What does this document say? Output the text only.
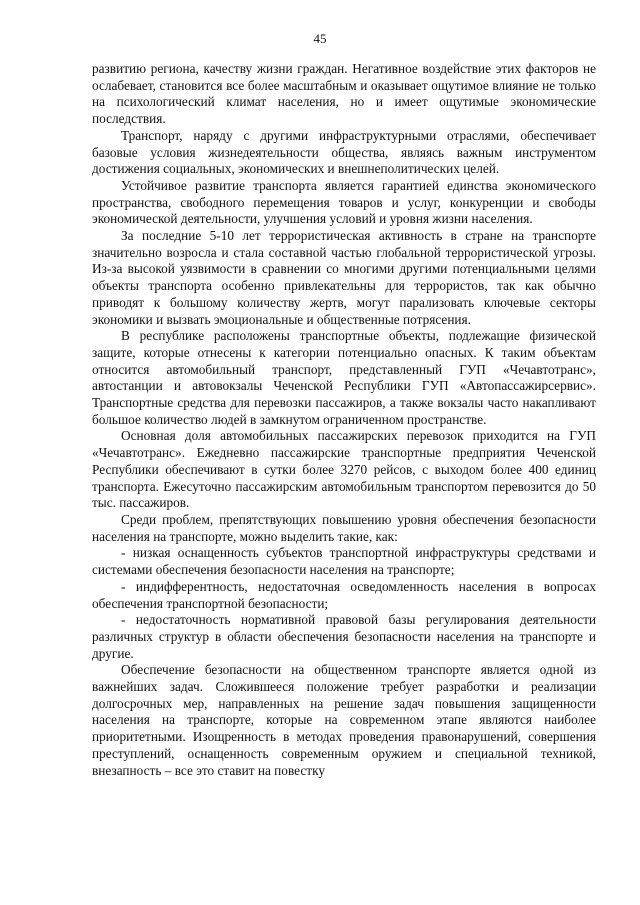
45

развитию региона, качеству жизни граждан. Негативное воздействие этих факторов не ослабевает, становится все более масштабным и оказывает ощутимое влияние не только на психологический климат населения, но и имеет ощутимые экономические последствия.

Транспорт, наряду с другими инфраструктурными отраслями, обеспечивает базовые условия жизнедеятельности общества, являясь важным инструментом достижения социальных, экономических и внешнеполитических целей.

Устойчивое развитие транспорта является гарантией единства экономического пространства, свободного перемещения товаров и услуг, конкуренции и свободы экономической деятельности, улучшения условий и уровня жизни населения.

За последние 5-10 лет террористическая активность в стране на транспорте значительно возросла и стала составной частью глобальной террористической угрозы. Из-за высокой уязвимости в сравнении со многими другими потенциальными целями объекты транспорта особенно привлекательны для террористов, так как обычно приводят к большому количеству жертв, могут парализовать ключевые секторы экономики и вызвать эмоциональные и общественные потрясения.

В республике расположены транспортные объекты, подлежащие физической защите, которые отнесены к категории потенциально опасных. К таким объектам относится автомобильный транспорт, представленный ГУП «Чечавтотранс», автостанции и автовокзалы Чеченской Республики ГУП «Автопассажирсервис». Транспортные средства для перевозки пассажиров, а также вокзалы часто накапливают большое количество людей в замкнутом ограниченном пространстве.

Основная доля автомобильных пассажирских перевозок приходится на ГУП «Чечавтотранс». Ежедневно пассажирские транспортные предприятия Чеченской Республики обеспечивают в сутки более 3270 рейсов, с выходом более 400 единиц транспорта. Ежесуточно пассажирским автомобильным транспортом перевозится до 50 тыс. пассажиров.

Среди проблем, препятствующих повышению уровня обеспечения безопасности населения на транспорте, можно выделить такие, как:

- низкая оснащенность субъектов транспортной инфраструктуры средствами и системами обеспечения безопасности населения на транспорте;

- индифферентность, недостаточная осведомленность населения в вопросах обеспечения транспортной безопасности;

- недостаточность нормативной правовой базы регулирования деятельности различных структур в области обеспечения безопасности населения на транспорте и другие.

Обеспечение безопасности на общественном транспорте является одной из важнейших задач. Сложившееся положение требует разработки и реализации долгосрочных мер, направленных на решение задач повышения защищенности населения на транспорте, которые на современном этапе являются наиболее приоритетными. Изощренность в методах проведения правонарушений, совершения преступлений, оснащенность современным оружием и специальной техникой, внезапность – все это ставит на повестку
